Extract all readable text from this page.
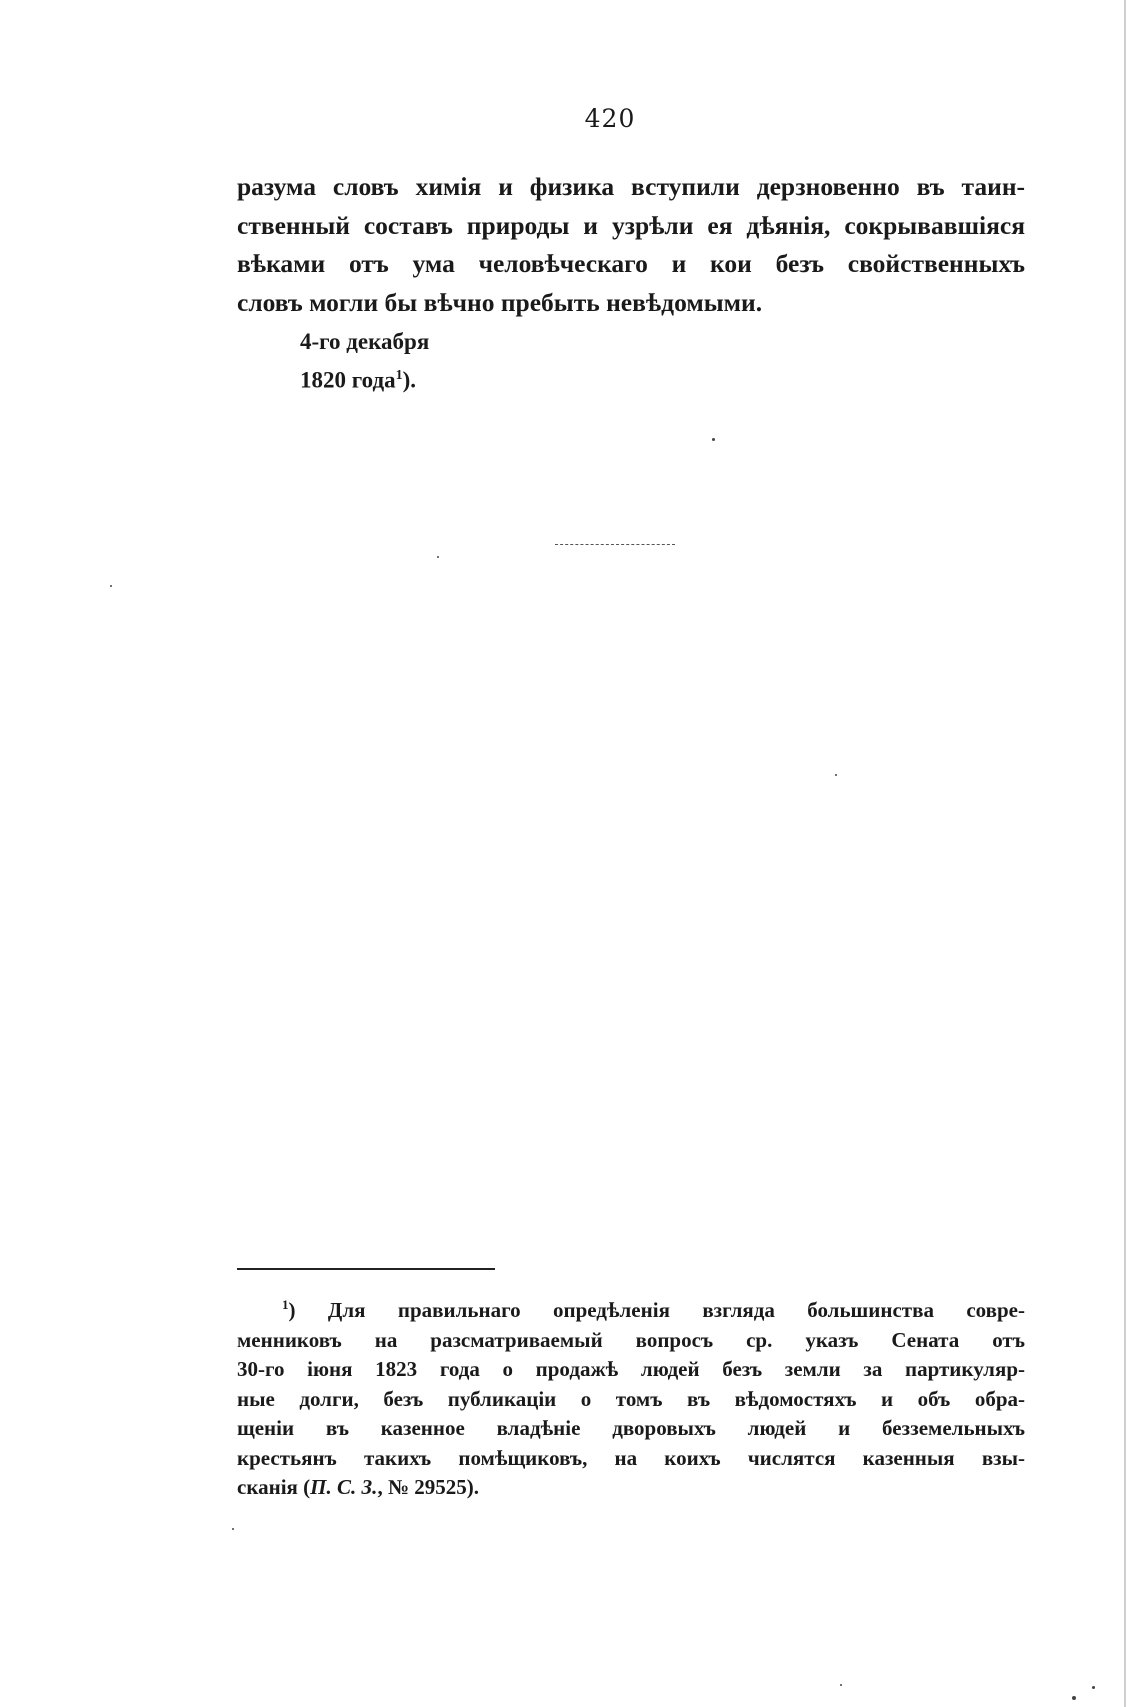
420
разума словъ химія и физика вступили дерзновенно въ таин-
ственный составъ природы и узрѣли ея дѣянія, сокрывавшіяся
вѣками отъ ума человѣческаго и кои безъ свойственныхъ
словъ могли бы вѣчно пребыть невѣдомыми.
4-го декабря
1820 года$^1$).
$^1$) Для правильнаго опредѣленія взгляда большинства совре-
менниковъ на разсматриваемый вопросъ ср. указъ Сената отъ
30-го іюня 1823 года о продажѣ людей безъ земли за партикуляр-
ные долги, безъ публикаціи о томъ въ вѣдомостяхъ и объ обра-
щеніи въ казенное владѣніе дворовыхъ людей и безземельныхъ
крестьянъ такихъ помѣщиковъ, на коихъ числятся казенныя взы-
сканія (П. С. З., № 29525).
